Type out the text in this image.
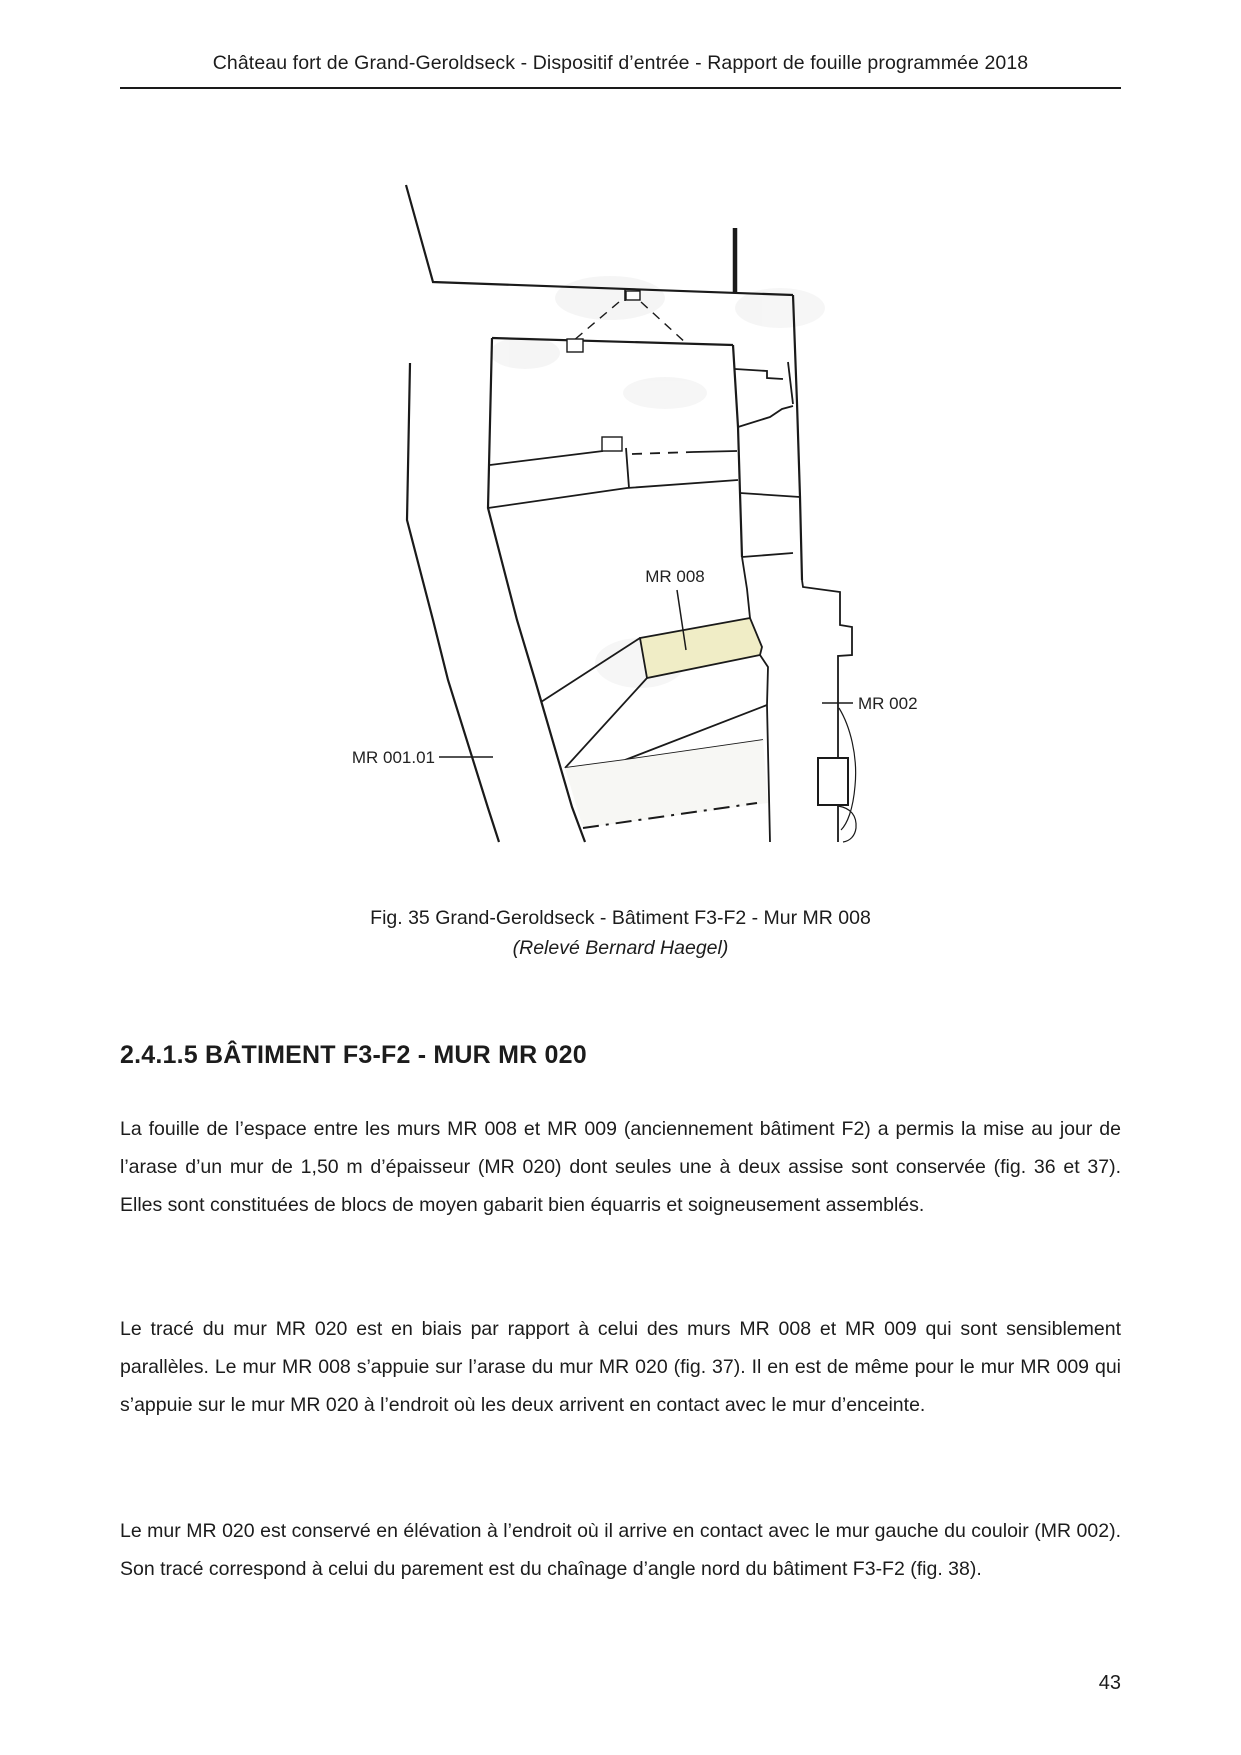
Château fort de Grand-Geroldseck - Dispositif d’entrée - Rapport de fouille programmée 2018
MR 008
MR 001.01
MR 002
Fig. 35 Grand-Geroldseck - Bâtiment F3-F2 - Mur MR 008
(Relevé Bernard Haegel)
2.4.1.5 BÂTIMENT F3-F2 - MUR MR 020

La fouille de l’espace entre les murs MR 008 et MR 009 (anciennement bâtiment F2) a permis la mise au jour de l’arase d’un mur de 1,50 m d’épaisseur (MR 020) dont seules une à deux assise sont conservée (fig. 36 et 37). Elles sont constituées de blocs de moyen gabarit bien équarris et soigneusement assemblés.

Le tracé du mur MR 020 est en biais par rapport à celui des murs MR 008 et MR 009 qui sont sensiblement parallèles. Le mur MR 008 s’appuie sur l’arase du mur MR 020 (fig. 37). Il en est de même pour le mur MR 009 qui s’appuie sur le mur MR 020 à l’endroit où les deux arrivent en contact avec le mur d’enceinte.

Le mur MR 020 est conservé en élévation à l’endroit où il arrive en contact avec le mur gauche du couloir (MR 002). Son tracé correspond à celui du parement est du chaînage d’angle nord du bâtiment F3-F2 (fig. 38).

43
